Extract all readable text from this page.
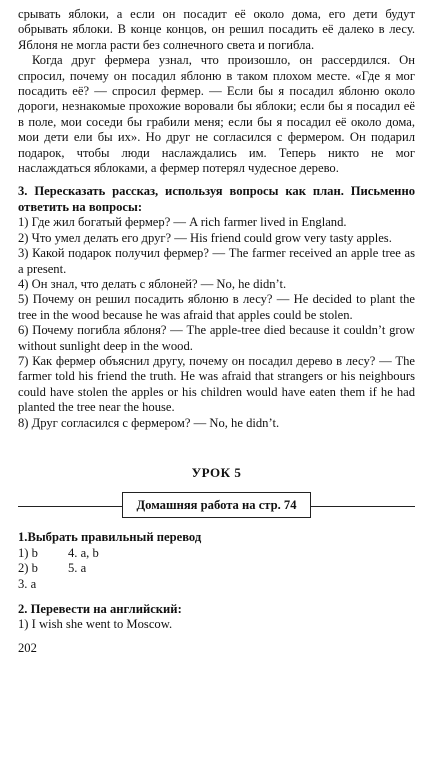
срывать яблоки, а если он посадит её около дома, его дети будут обрывать яблоки. В конце концов, он решил посадить её далеко в лесу. Яблоня не могла расти без солнечного света и погибла.

Когда друг фермера узнал, что произошло, он рассердился. Он спросил, почему он посадил яблоню в таком плохом месте. «Где я мог посадить её? — спросил фермер. — Если бы я посадил яблоню около дороги, незнакомые прохожие воровали бы яблоки; если бы я посадил её в поле, мои соседи бы грабили меня; если бы я посадил её около дома, мои дети ели бы их». Но друг не согласился с фермером. Он подарил подарок, чтобы люди наслаждались им. Теперь никто не мог наслаждаться яблоками, а фермер потерял чудесное дерево.

3. Пересказать рассказ, используя вопросы как план. Письменно ответить на вопросы:

1) Где жил богатый фермер? — A rich farmer lived in England.

2) Что умел делать его друг? — His friend could grow very tasty apples.

3) Какой подарок получил фермер? — The farmer received an apple tree as a present.

4) Он знал, что делать с яблоней? — No, he didn’t.

5) Почему он решил посадить яблоню в лесу? — He decided to plant the tree in the wood because he was afraid that apples could be stolen.

6) Почему погибла яблоня? — The apple-tree died because it couldn’t grow without sunlight deep in the wood.

7) Как фермер объяснил другу, почему он посадил дерево в лесу? — The farmer told his friend the truth. He was afraid that strangers or his neighbours could have stolen the apples or his children would have eaten them if he had planted the tree near the house.

8) Друг согласился с фермером? — No, he didn’t.

УРОК 5
Домашняя работа на стр. 74
1.Выбрать правильный перевод
1) b	4. a, b
2) b	5. a
3. a
2. Перевести на английский:
1) I wish she went to Moscow.
202
